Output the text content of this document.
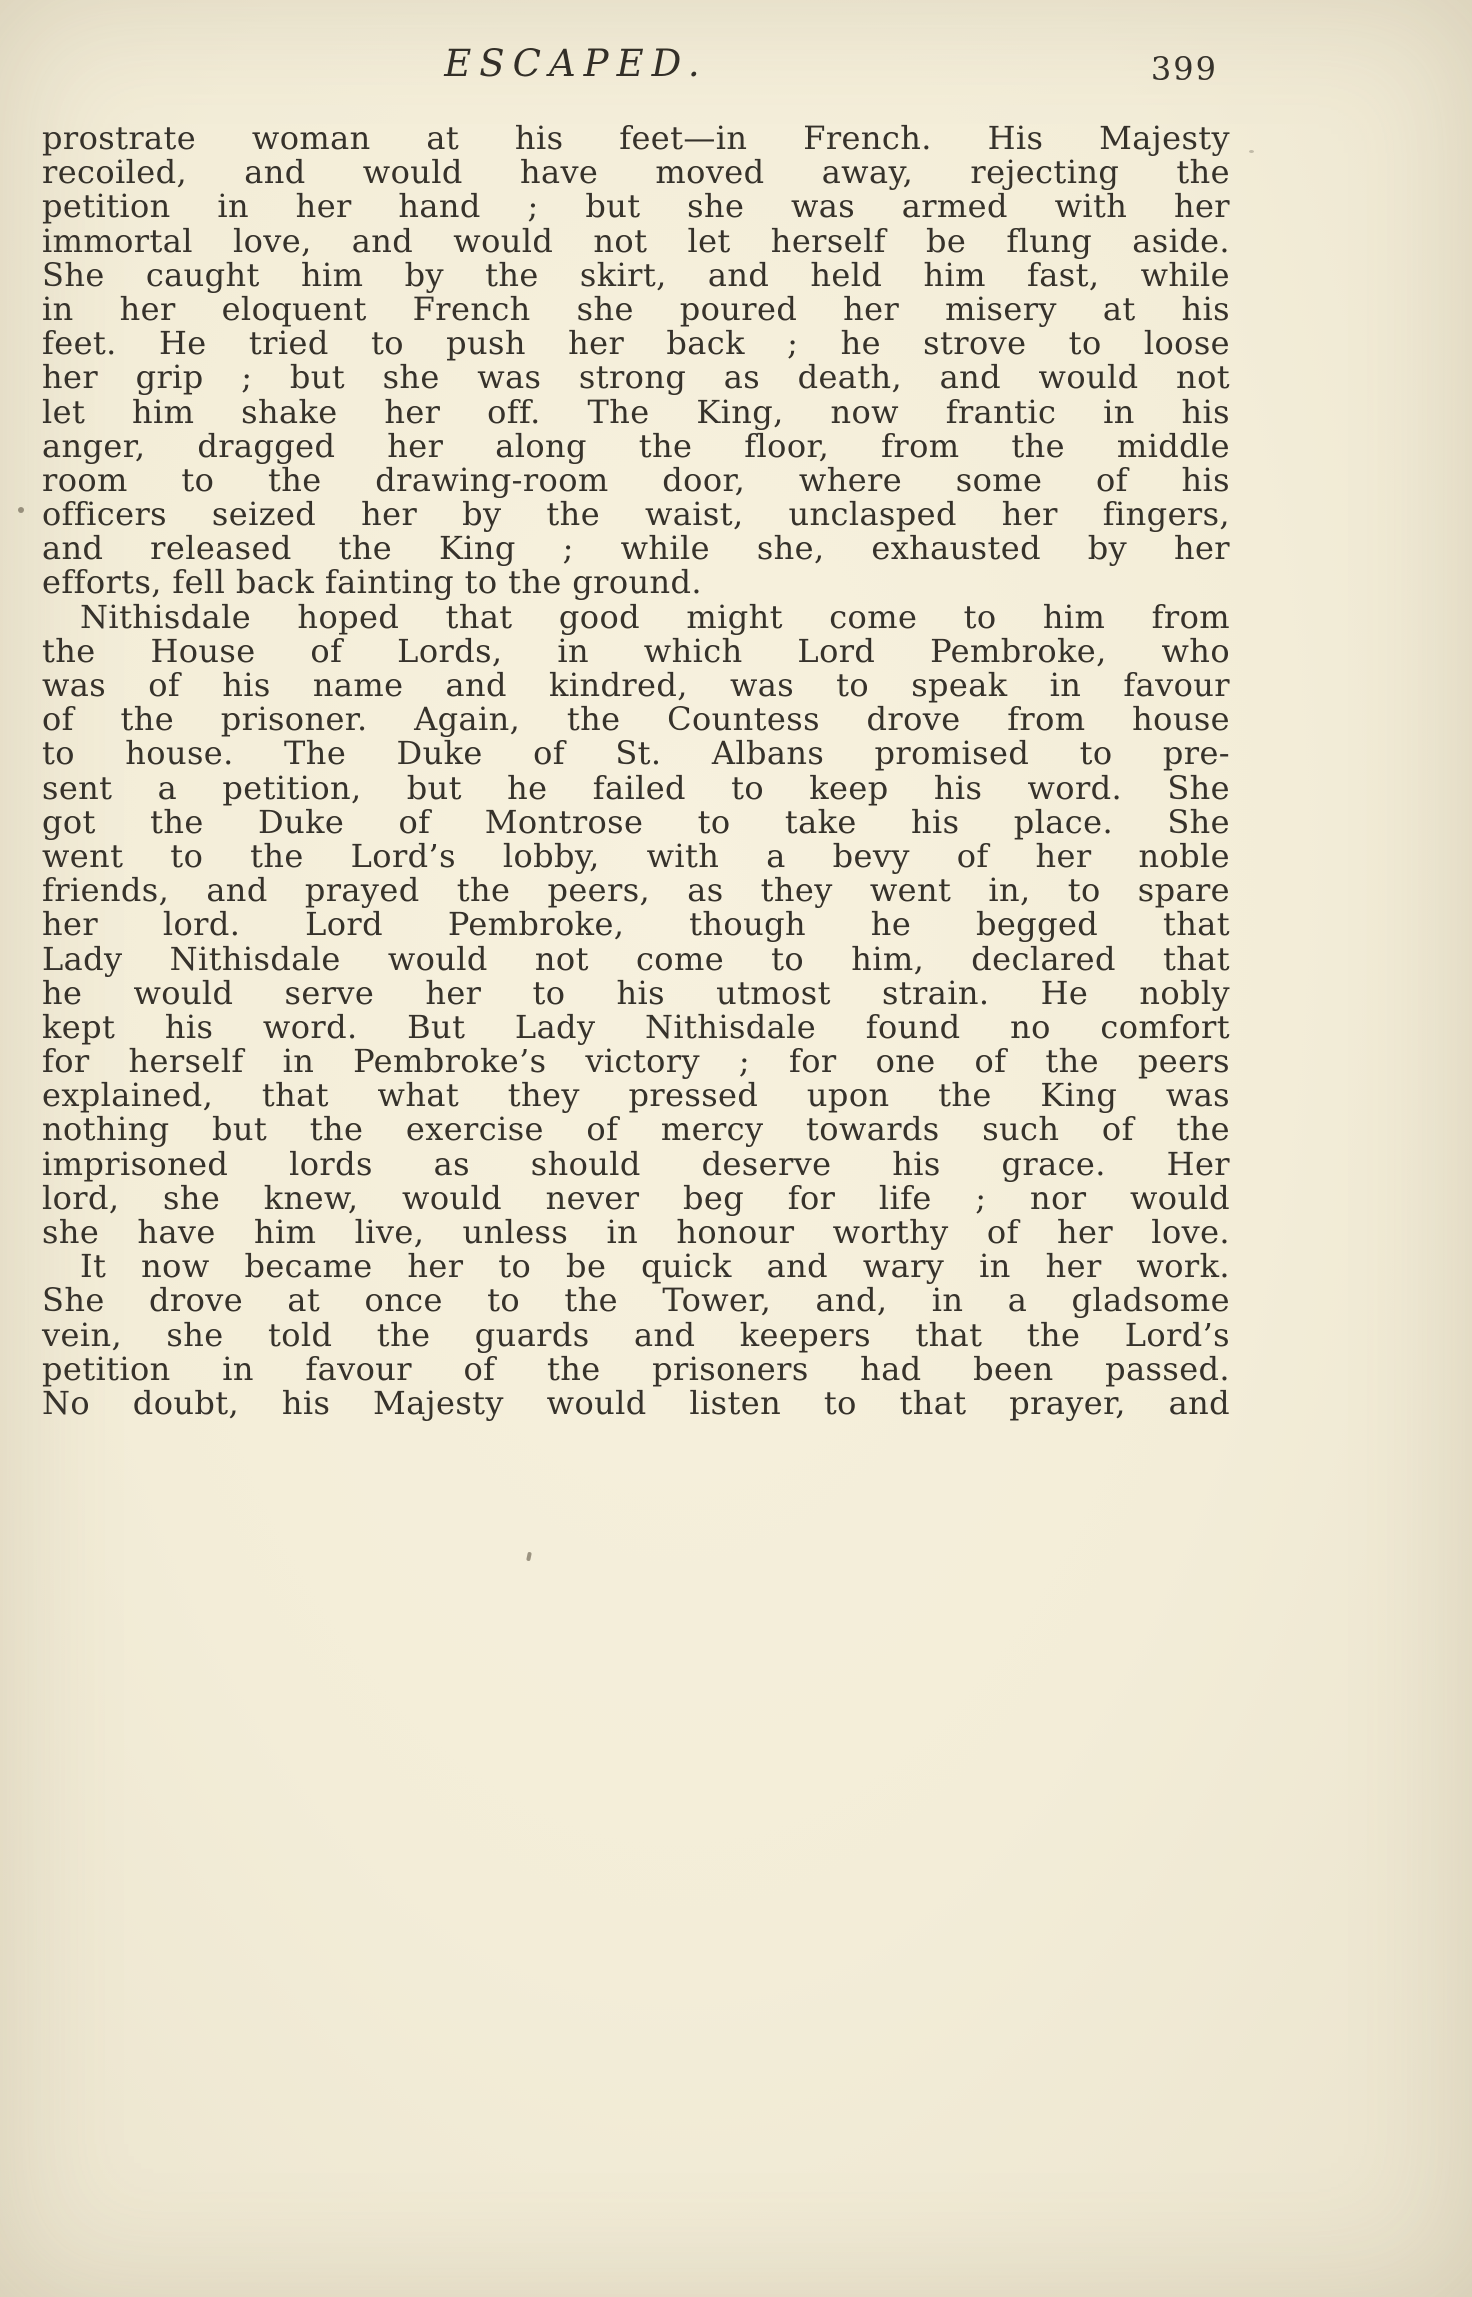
ESCAPED.	399
prostrate woman at his feet—in French. His Majesty
recoiled, and would have moved away, rejecting the
petition in her hand ; but she was armed with her
immortal love, and would not let herself be flung aside.
She caught him by the skirt, and held him fast, while
in her eloquent French she poured her misery at his
feet. He tried to push her back ; he strove to loose
her grip ; but she was strong as death, and would not
let him shake her off. The King, now frantic in his
anger, dragged her along the floor, from the middle
room to the drawing-room door, where some of his
officers seized her by the waist, unclasped her fingers,
and released the King ; while she, exhausted by her
efforts, fell back fainting to the ground.
Nithisdale hoped that good might come to him from
the House of Lords, in which Lord Pembroke, who
was of his name and kindred, was to speak in favour
of the prisoner. Again, the Countess drove from house
to house. The Duke of St. Albans promised to pre-
sent a petition, but he failed to keep his word. She
got the Duke of Montrose to take his place. She
went to the Lord’s lobby, with a bevy of her noble
friends, and prayed the peers, as they went in, to spare
her lord. Lord Pembroke, though he begged that
Lady Nithisdale would not come to him, declared that
he would serve her to his utmost strain. He nobly
kept his word. But Lady Nithisdale found no comfort
for herself in Pembroke’s victory ; for one of the peers
explained, that what they pressed upon the King was
nothing but the exercise of mercy towards such of the
imprisoned lords as should deserve his grace. Her
lord, she knew, would never beg for life ; nor would
she have him live, unless in honour worthy of her love.
It now became her to be quick and wary in her work.
She drove at once to the Tower, and, in a gladsome
vein, she told the guards and keepers that the Lord’s
petition in favour of the prisoners had been passed.
No doubt, his Majesty would listen to that prayer, and
